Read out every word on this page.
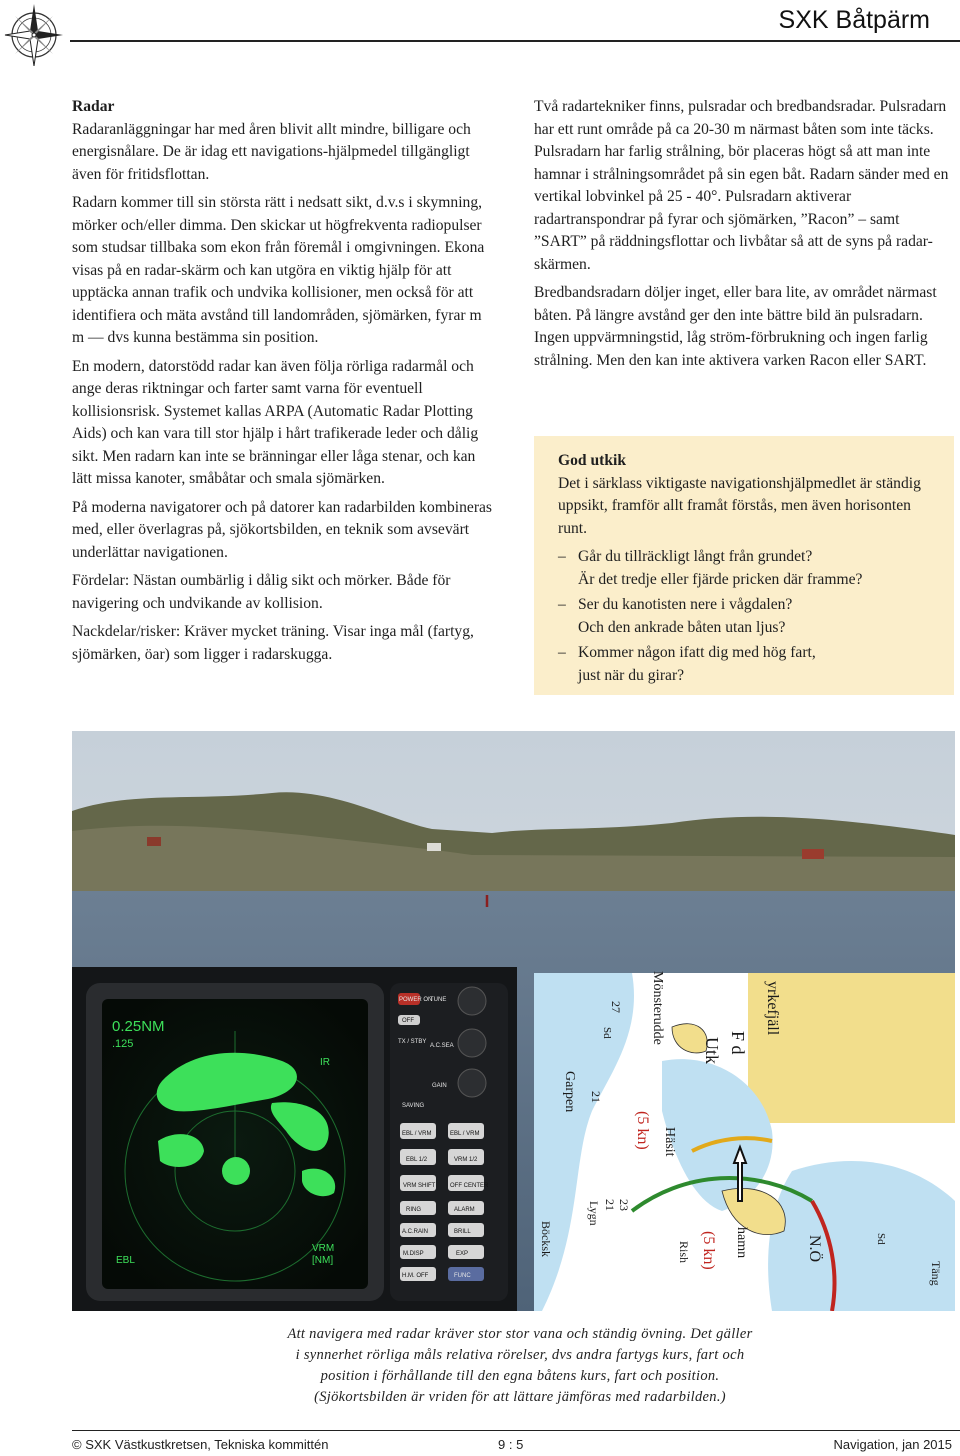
SXK Båtpärm
Radar

Radaranläggningar har med åren blivit allt mindre, billigare och energisnålare. De är idag ett navigations-hjälpmedel tillgängligt även för fritidsflottan.

Radarn kommer till sin största rätt i nedsatt sikt, d.v.s i skymning, mörker och/eller dimma. Den skickar ut högfrekventa radiopulser som studsar tillbaka som ekon från föremål i omgivningen. Ekona visas på en radar-skärm och kan utgöra en viktig hjälp för att upptäcka annan trafik och undvika kollisioner, men också för att identifiera och mäta avstånd till landområden, sjömärken, fyrar m m — dvs kunna bestämma sin position.

En modern, datorstödd radar kan även följa rörliga radarmål och ange deras riktningar och farter samt varna för eventuell kollisionsrisk. Systemet kallas ARPA (Automatic Radar Plotting Aids) och kan vara till stor hjälp i hårt trafikerade leder och dålig sikt. Men radarn kan inte se bränningar eller låga stenar, och kan lätt missa kanoter, småbåtar och smala sjömärken.

På moderna navigatorer och på datorer kan radarbilden kombineras med, eller överlagras på, sjökortsbilden, en teknik som avsevärt underlättar navigationen.

Fördelar: Nästan oumbärlig i dålig sikt och mörker. Både för navigering och undvikande av kollision.

Nackdelar/risker: Kräver mycket träning. Visar inga mål (fartyg, sjömärken, öar) som ligger i radarskugga.

Två radartekniker finns, pulsradar och bredbandsradar. Pulsradarn har ett runt område på ca 20-30 m närmast båten som inte täcks. Pulsradarn har farlig strålning, bör placeras högt så att man inte hamnar i strålningsområdet på sin egen båt. Radarn sänder med en vertikal lobvinkel på 25 - 40°. Pulsradarn aktiverar radartranspondrar på fyrar och sjömärken, ”Racon” – samt ”SART” på räddningsflottar och livbåtar så att de syns på radar-skärmen.

Bredbandsradarn döljer inget, eller bara lite, av området närmast båten. På längre avstånd ger den inte bättre bild än pulsradarn. Ingen uppvärmningstid, låg ström-förbrukning och ingen farlig strålning. Men den kan inte aktivera varken Racon eller SART.

God utkik
Det i särklass viktigaste navigationshjälpmedlet är ständig uppsikt, framför allt framåt förstås, men även horisonten runt.
– Går du tillräckligt långt från grundet?
Är det tredje eller fjärde pricken där framme?
– Ser du kanotisten nere i vågdalen?
Och den ankrade båten utan ljus?
– Kommer någon ifatt dig med hög fart,
just när du girar?
0.25NM
.125
IR
EBL
VRM
[NM]
POWER ON
OFF
TUNE
TX / STBY
A.C.SEA
SAVING
GAIN
EBL / VRM	EBL / VRM
EBL 1/2	VRM 1/2
VRM SHIFT OFF CENTER
RING	ALARM
A.C.RAIN	BRILL
M.DISP	EXP
H.M. OFF	FUNC
Mönsterudde
Garpen
Utk F d
Häsit
(5 kn)
(5 kn)
Lygn
Böcksk	Rish	hamn	N.Ö
Täng
yrkefjäll
Sd
Sd
21 23
21
27
Att navigera med radar kräver stor stor vana och ständig övning. Det gäller
i synnerhet rörliga måls relativa rörelser, dvs andra fartygs kurs, fart och
position i förhållande till den egna båtens kurs, fart och position.
(Sjökortsbilden är vriden för att lättare jämföras med radarbilden.)
© SXK Västkustkretsen, Tekniska kommittén	9 : 5	Navigation, jan 2015
